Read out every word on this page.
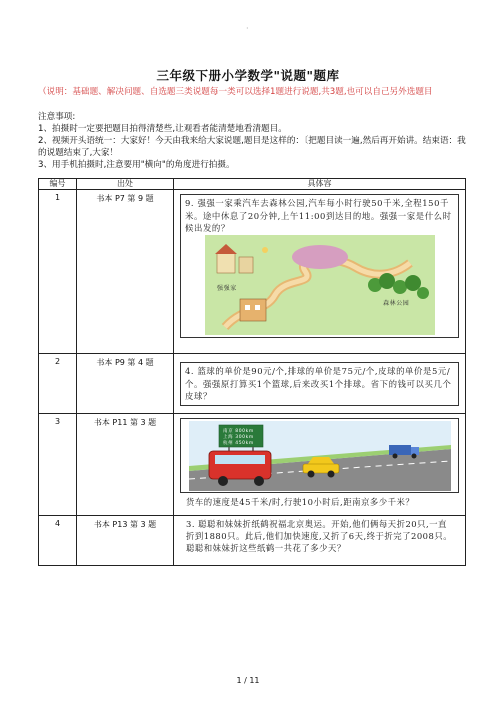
·
三年级下册小学数学"说题"题库
（说明：基础题、解决问题、自选题三类说题每一类可以选择1题进行说题,共3题,也可以自己另外选题目
注意事项:
1、拍摄时一定要把题目拍得清楚些,让观看者能清楚地看清题目。
2、视频开头语统一：大家好！今天由我来给大家说题,题目是这样的：〔把题目读一遍,然后再开始讲。结束语：我的说题结束了,大家！
3、用手机拍摄时,注意要用"横向"的角度进行拍摄。
编号	出处	具体容
1	书本 P7 第 9 题	9. 强强一家乘汽车去森林公园,汽车每小时行驶50千米,全程150千米。途中休息了20分钟,上午11:00到达目的地。强强一家是什么时候出发的？
强强家
森林公园

2	书本 P9 第 4 题	4. 篮球的单价是90元/个,排球的单价是75元/个,皮球的单价是5元/个。强强原打算买1个篮球,后来改买1个排球。省下的钱可以买几个皮球？

3	书本 P11 第 3 题	南京 800km
上海 300km
杭州 450km
货车的速度是45千米/时,行驶10小时后,距南京多少千米？

4	书本 P13 第 3 题	3. 聪聪和妹妹折纸鹤祝福北京奥运。开始,他们俩每天折20只,一直折到1880只。此后,他们加快速度,又折了6天,终于折完了2008只。聪聪和妹妹折这些纸鹤一共花了多少天？
1 / 11
